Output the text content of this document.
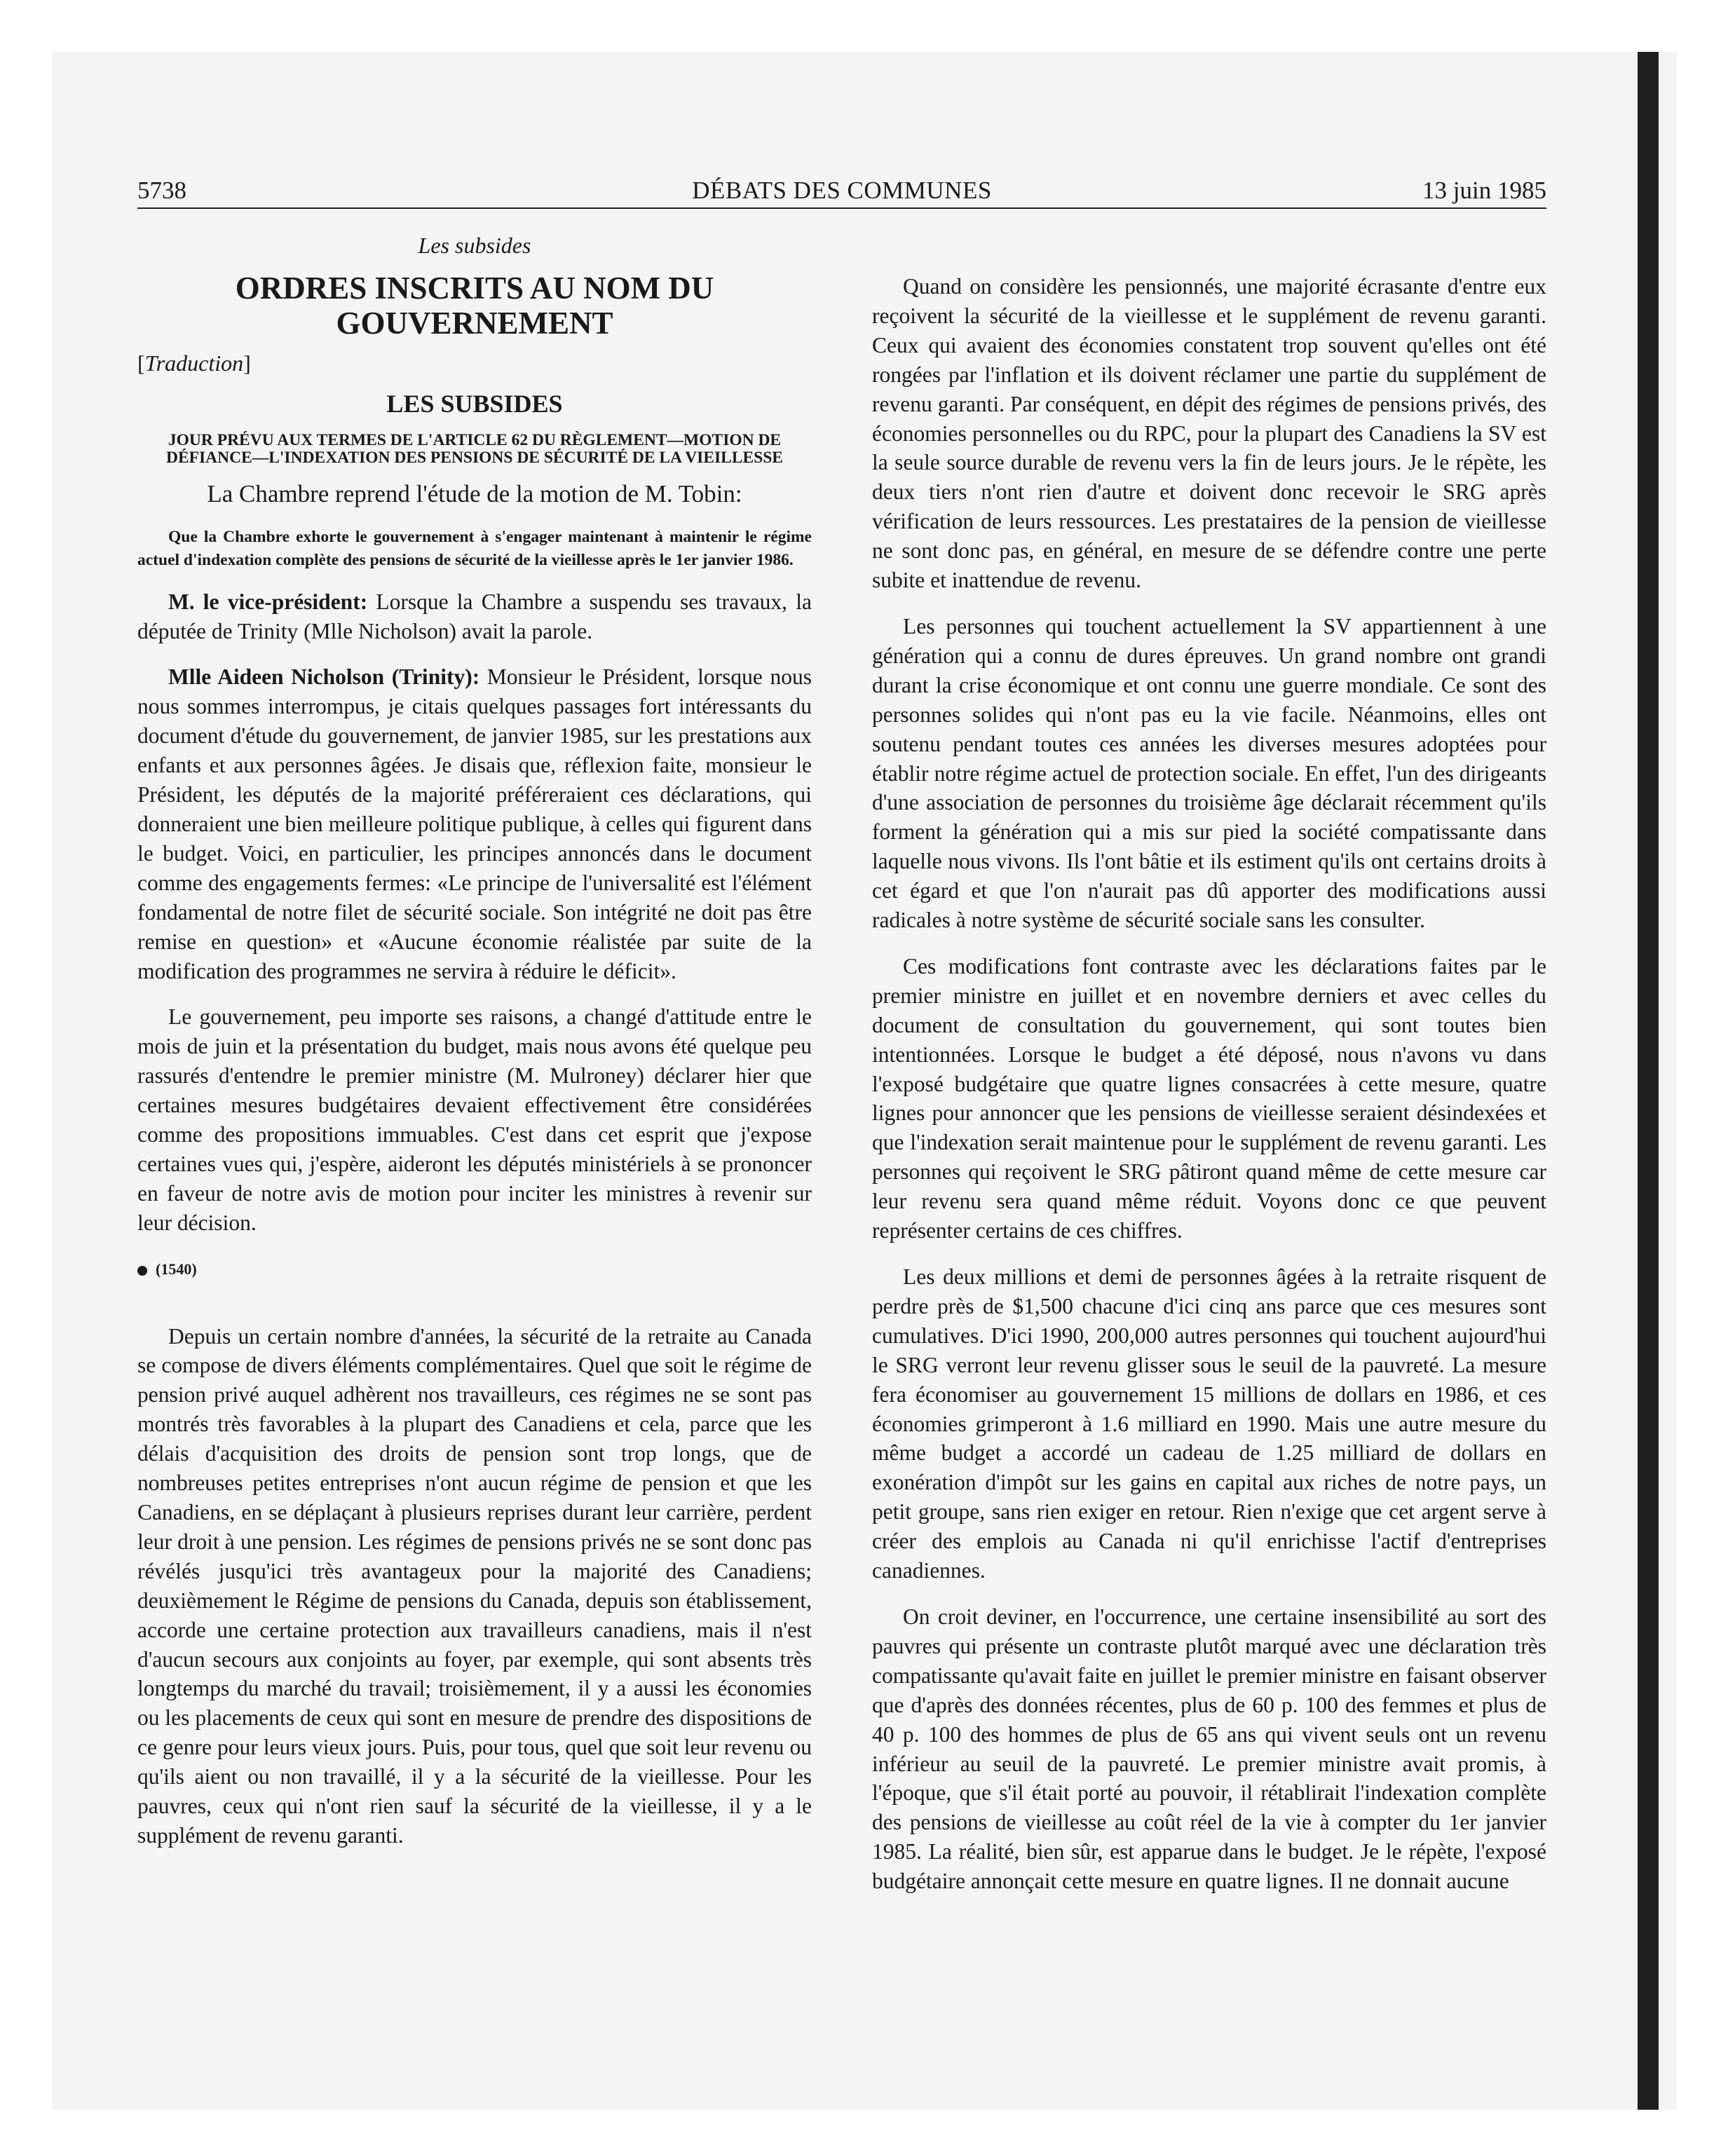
5738	DÉBATS DES COMMUNES	13 juin 1985
Les subsides
ORDRES INSCRITS AU NOM DU GOUVERNEMENT
[Traduction]
LES SUBSIDES
JOUR PRÉVU AUX TERMES DE L'ARTICLE 62 DU RÈGLEMENT—MOTION DE DÉFIANCE—L'INDEXATION DES PENSIONS DE SÉCURITÉ DE LA VIEILLESSE
La Chambre reprend l'étude de la motion de M. Tobin:
Que la Chambre exhorte le gouvernement à s'engager maintenant à maintenir le régime actuel d'indexation complète des pensions de sécurité de la vieillesse après le 1er janvier 1986.

M. le vice-président: Lorsque la Chambre a suspendu ses travaux, la députée de Trinity (Mlle Nicholson) avait la parole.

Mlle Aideen Nicholson (Trinity): Monsieur le Président, lorsque nous nous sommes interrompus, je citais quelques passages fort intéressants du document d'étude du gouvernement, de janvier 1985, sur les prestations aux enfants et aux personnes âgées. Je disais que, réflexion faite, monsieur le Président, les députés de la majorité préféreraient ces déclarations, qui donneraient une bien meilleure politique publique, à celles qui figurent dans le budget. Voici, en particulier, les principes annoncés dans le document comme des engagements fermes: «Le principe de l'universalité est l'élément fondamental de notre filet de sécurité sociale. Son intégrité ne doit pas être remise en question» et «Aucune économie réalistée par suite de la modification des programmes ne servira à réduire le déficit».

Le gouvernement, peu importe ses raisons, a changé d'attitude entre le mois de juin et la présentation du budget, mais nous avons été quelque peu rassurés d'entendre le premier ministre (M. Mulroney) déclarer hier que certaines mesures budgétaires devaient effectivement être considérées comme des propositions immuables. C'est dans cet esprit que j'expose certaines vues qui, j'espère, aideront les députés ministériels à se prononcer en faveur de notre avis de motion pour inciter les ministres à revenir sur leur décision.

(1540)

Depuis un certain nombre d'années, la sécurité de la retraite au Canada se compose de divers éléments complémentaires. Quel que soit le régime de pension privé auquel adhèrent nos travailleurs, ces régimes ne se sont pas montrés très favorables à la plupart des Canadiens et cela, parce que les délais d'acquisition des droits de pension sont trop longs, que de nombreuses petites entreprises n'ont aucun régime de pension et que les Canadiens, en se déplaçant à plusieurs reprises durant leur carrière, perdent leur droit à une pension. Les régimes de pensions privés ne se sont donc pas révélés jusqu'ici très avantageux pour la majorité des Canadiens; deuxièmement le Régime de pensions du Canada, depuis son établissement, accorde une certaine protection aux travailleurs canadiens, mais il n'est d'aucun secours aux conjoints au foyer, par exemple, qui sont absents très longtemps du marché du travail; troisièmement, il y a aussi les économies ou les placements de ceux qui sont en mesure de prendre des dispositions de ce genre pour leurs vieux jours. Puis, pour tous, quel que soit leur revenu ou qu'ils aient ou non travaillé, il y a la sécurité de la vieillesse. Pour les pauvres, ceux qui n'ont rien sauf la sécurité de la vieillesse, il y a le supplément de revenu garanti.

Quand on considère les pensionnés, une majorité écrasante d'entre eux reçoivent la sécurité de la vieillesse et le supplément de revenu garanti. Ceux qui avaient des économies constatent trop souvent qu'elles ont été rongées par l'inflation et ils doivent réclamer une partie du supplément de revenu garanti. Par conséquent, en dépit des régimes de pensions privés, des économies personnelles ou du RPC, pour la plupart des Canadiens la SV est la seule source durable de revenu vers la fin de leurs jours. Je le répète, les deux tiers n'ont rien d'autre et doivent donc recevoir le SRG après vérification de leurs ressources. Les prestataires de la pension de vieillesse ne sont donc pas, en général, en mesure de se défendre contre une perte subite et inattendue de revenu.

Les personnes qui touchent actuellement la SV appartiennent à une génération qui a connu de dures épreuves. Un grand nombre ont grandi durant la crise économique et ont connu une guerre mondiale. Ce sont des personnes solides qui n'ont pas eu la vie facile. Néanmoins, elles ont soutenu pendant toutes ces années les diverses mesures adoptées pour établir notre régime actuel de protection sociale. En effet, l'un des dirigeants d'une association de personnes du troisième âge déclarait récemment qu'ils forment la génération qui a mis sur pied la société compatissante dans laquelle nous vivons. Ils l'ont bâtie et ils estiment qu'ils ont certains droits à cet égard et que l'on n'aurait pas dû apporter des modifications aussi radicales à notre système de sécurité sociale sans les consulter.

Ces modifications font contraste avec les déclarations faites par le premier ministre en juillet et en novembre derniers et avec celles du document de consultation du gouvernement, qui sont toutes bien intentionnées. Lorsque le budget a été déposé, nous n'avons vu dans l'exposé budgétaire que quatre lignes consacrées à cette mesure, quatre lignes pour annoncer que les pensions de vieillesse seraient désindexées et que l'indexation serait maintenue pour le supplément de revenu garanti. Les personnes qui reçoivent le SRG pâtiront quand même de cette mesure car leur revenu sera quand même réduit. Voyons donc ce que peuvent représenter certains de ces chiffres.

Les deux millions et demi de personnes âgées à la retraite risquent de perdre près de $1,500 chacune d'ici cinq ans parce que ces mesures sont cumulatives. D'ici 1990, 200,000 autres personnes qui touchent aujourd'hui le SRG verront leur revenu glisser sous le seuil de la pauvreté. La mesure fera économiser au gouvernement 15 millions de dollars en 1986, et ces économies grimperont à 1.6 milliard en 1990. Mais une autre mesure du même budget a accordé un cadeau de 1.25 milliard de dollars en exonération d'impôt sur les gains en capital aux riches de notre pays, un petit groupe, sans rien exiger en retour. Rien n'exige que cet argent serve à créer des emplois au Canada ni qu'il enrichisse l'actif d'entreprises canadiennes.

On croit deviner, en l'occurrence, une certaine insensibilité au sort des pauvres qui présente un contraste plutôt marqué avec une déclaration très compatissante qu'avait faite en juillet le premier ministre en faisant observer que d'après des données récentes, plus de 60 p. 100 des femmes et plus de 40 p. 100 des hommes de plus de 65 ans qui vivent seuls ont un revenu inférieur au seuil de la pauvreté. Le premier ministre avait promis, à l'époque, que s'il était porté au pouvoir, il rétablirait l'indexation complète des pensions de vieillesse au coût réel de la vie à compter du 1er janvier 1985. La réalité, bien sûr, est apparue dans le budget. Je le répète, l'exposé budgétaire annonçait cette mesure en quatre lignes. Il ne donnait aucune
